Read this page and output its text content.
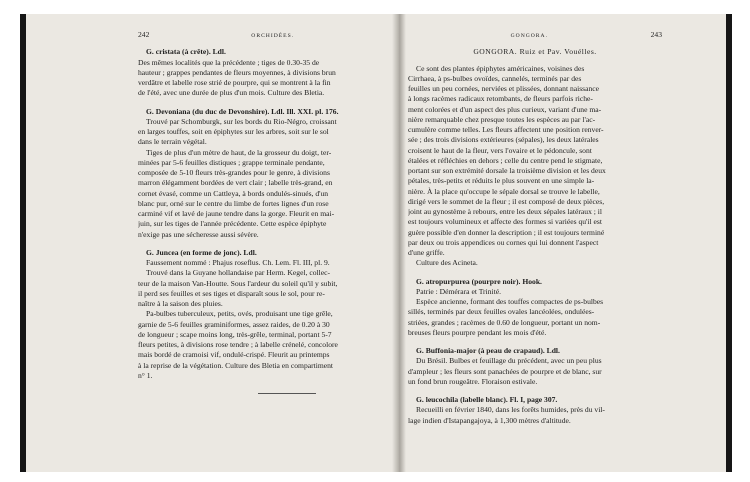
242	ORCHIDÉES.
G. cristata (à crête). Ldl.
Des mêmes localités que la précédente ; tiges de 0.30-35 de
hauteur ; grappes pendantes de fleurs moyennes, à divisions brun
verdâtre et labelle rose strié de pourpre, qui se montrent à la fin
de l'été, avec une durée de plus d'un mois. Culture des Bletia.
G. Devoniana (du duc de Devonshire). Ldl. Ill. XXI. pl. 176.
Trouvé par Schomburgk, sur les bords du Rio-Négro, croissant
en larges touffes, soit en épiphytes sur les arbres, soit sur le sol
dans le terrain végétal.
Tiges de plus d'un mètre de haut, de la grosseur du doigt, ter-
minées par 5-6 feuilles distiques ; grappe terminale pendante,
composée de 5-10 fleurs très-grandes pour le genre, à divisions
marron élégamment bordées de vert clair ; labelle très-grand, en
cornet évasé, comme un Cattleya, à bords ondulés-sinués, d'un
blanc pur, orné sur le centre du limbe de fortes lignes d'un rose
carminé vif et lavé de jaune tendre dans la gorge. Fleurit en mai-
juin, sur les tiges de l'année précédente. Cette espèce épiphyte
n'exige pas une sécheresse aussi sévère.
G. Juncea (en forme de jonc). Ldl.
Faussement nommé : Phajus roseflus. Ch. Lem. Fl. III, pl. 9.
Trouvé dans la Guyane hollandaise par Herm. Kegel, collec-
teur de la maison Van-Houtte. Sous l'ardeur du soleil qu'il y subit,
il perd ses feuilles et ses tiges et disparaît sous le sol, pour re-
naître à la saison des pluies.
Pa-bulbes tuberculeux, petits, ovés, produisant une tige grêle,
garnie de 5-6 feuilles graminiformes, assez raides, de 0.20 à 30
de longueur ; scape moins long, très-grêle, terminal, portant 5-7
fleurs petites, à divisions rose tendre ; à labelle crénelé, concolore
mais bordé de cramoisi vif, ondulé-crispé. Fleurit au printemps
à la reprise de la végétation. Culture des Bletia en compartiment
n° 1.
GONGORA.	243
GONGORA. Ruiz et Pav. Vouélles.
Ce sont des plantes épiphytes américaines, voisines des
Cirrhaea, à ps-bulbes ovoïdes, cannelés, terminés par des
feuilles un peu cornées, nerviées et plissées, donnant naissance
à longs racèmes radicaux retombants, de fleurs parfois riche-
ment colorées et d'un aspect des plus curieux, variant d'une ma-
nière remarquable chez presque toutes les espèces au par l'ac-
cumulère comme telles. Les fleurs affectent une position renver-
sée ; des trois divisions extérieures (sépales), les deux latérales
croisent le haut de la fleur, vers l'ovaire et le pédoncule, sont
étalées et réfléchies en dehors ; celle du centre pend le stigmate,
portant sur son extrémité dorsale la troisième division et les deux
pétales, très-petits et réduits le plus souvent en une simple la-
nière. À la place qu'occupe le sépale dorsal se trouve le labelle,
dirigé vers le sommet de la fleur ; il est composé de deux pièces,
joint au gynostème à rebours, entre les deux sépales latéraux ; il
est toujours volumineux et affecte des formes si variées qu'il est
guère possible d'en donner la description ; il est toujours terminé
par deux ou trois appendices ou cornes qui lui donnent l'aspect
d'une griffe.
Culture des Acineta.
G. atropurpurea (pourpre noir). Hook.
Patrie : Démérara et Trinité.
Espèce ancienne, formant des touffes compactes de ps-bulbes
sillés, terminés par deux feuilles ovales lancéolées, ondulées-
striées, grandes ; racèmes de 0.60 de longueur, portant un nom-
breuses fleurs pourpre pendant les mois d'été.
G. Buffonia-major (à peau de crapaud). Ldl.
Du Brésil. Bulbes et feuillage du précédent, avec un peu plus
d'ampleur ; les fleurs sont panachées de pourpre et de blanc, sur
un fond brun rougeâtre. Floraison estivale.
G. leucochila (labelle blanc). Fl. I, page 307.
Recueilli en février 1840, dans les forêts humides, près du vil-
lage indien d'Istapangajoya, à 1,300 mètres d'altitude.
